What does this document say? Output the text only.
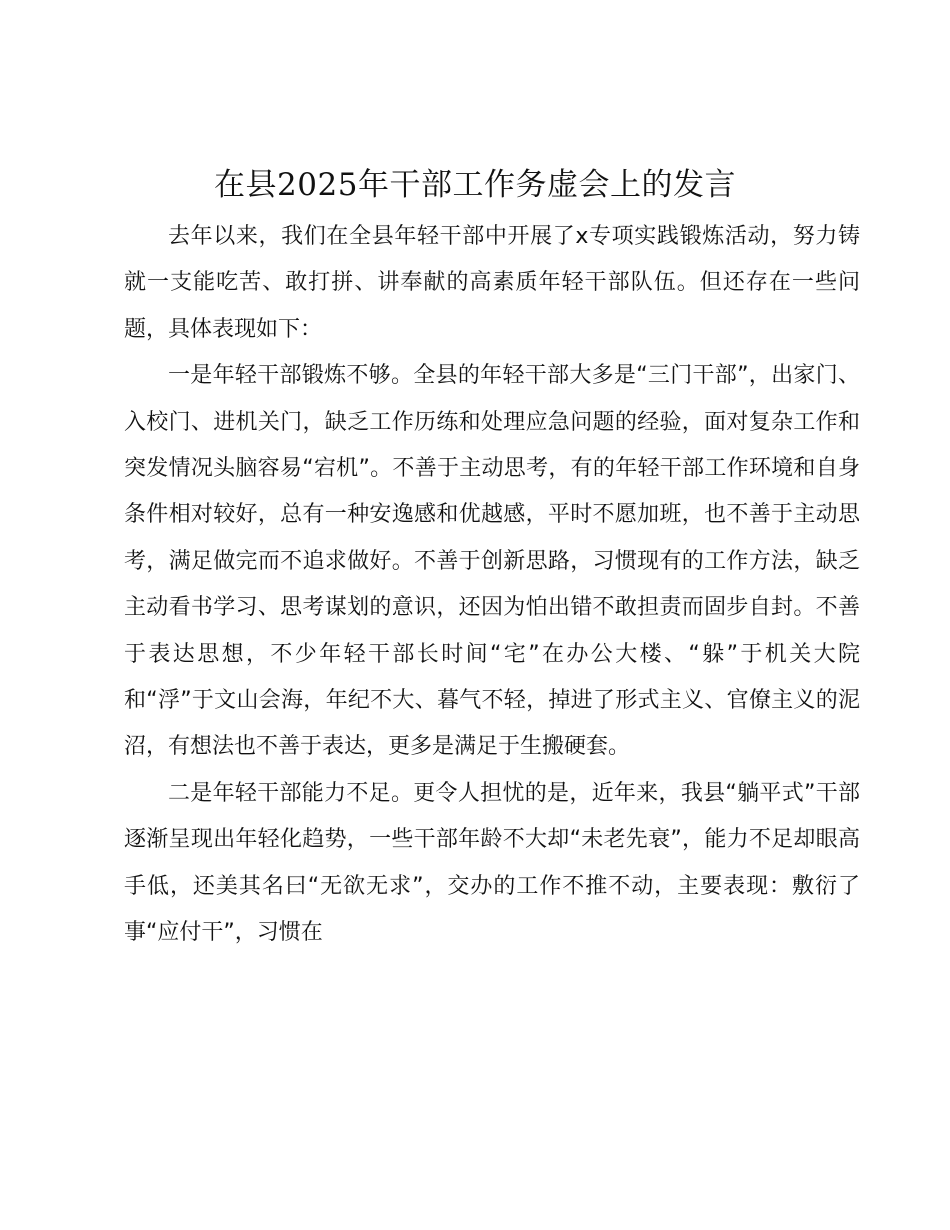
在县2025年干部工作务虚会上的发言

去年以来，我们在全县年轻干部中开展了x专项实践锻炼活动，努力铸就一支能吃苦、敢打拼、讲奉献的高素质年轻干部队伍。但还存在一些问题，具体表现如下：

一是年轻干部锻炼不够。全县的年轻干部大多是“三门干部”，出家门、入校门、进机关门，缺乏工作历练和处理应急问题的经验，面对复杂工作和突发情况头脑容易“宕机”。不善于主动思考，有的年轻干部工作环境和自身条件相对较好，总有一种安逸感和优越感，平时不愿加班，也不善于主动思考，满足做完而不追求做好。不善于创新思路，习惯现有的工作方法，缺乏主动看书学习、思考谋划的意识，还因为怕出错不敢担责而固步自封。不善于表达思想，不少年轻干部长时间“宅”在办公大楼、“躲”于机关大院和“浮”于文山会海，年纪不大、暮气不轻，掉进了形式主义、官僚主义的泥沼，有想法也不善于表达，更多是满足于生搬硬套。

二是年轻干部能力不足。更令人担忧的是，近年来，我县“躺平式”干部逐渐呈现出年轻化趋势，一些干部年龄不大却“未老先衰”，能力不足却眼高手低，还美其名曰“无欲无求”，交办的工作不推不动，主要表现：敷衍了事“应付干”，习惯在
